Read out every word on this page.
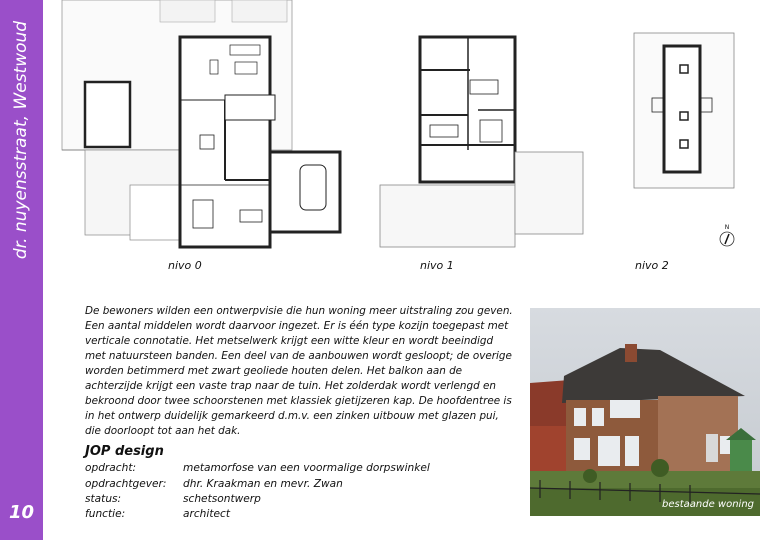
dr. nuyensstraat, Westwoud
10
nivo 0	nivo 1	nivo 2
N

De bewoners wilden een ontwerpvisie die hun woning meer uitstraling zou geven. Een aantal middelen wordt daarvoor ingezet. Er is één type kozijn toegepast met verticale connotatie. Het metselwerk krijgt een witte kleur en wordt beeindigd met natuursteen banden. Een deel van de aanbouwen wordt gesloopt; de overige worden betimmerd met zwart geoliede houten delen. Het balkon aan de achterzijde krijgt een vaste trap naar de tuin. Het zolderdak wordt verlengd en bekroond door twee schoorstenen met klassiek gietijzeren kap. De hoofdentree is in het ontwerp duidelijk gemarkeerd d.m.v. een zinken uitbouw met glazen pui, die doorloopt tot aan het dak.

JOP design
opdracht:	metamorfose van een voormalige dorpswinkel
opdrachtgever: dhr. Kraakman en mevr. Zwan
status:	schetsontwerp
functie:	architect
bestaande woning
